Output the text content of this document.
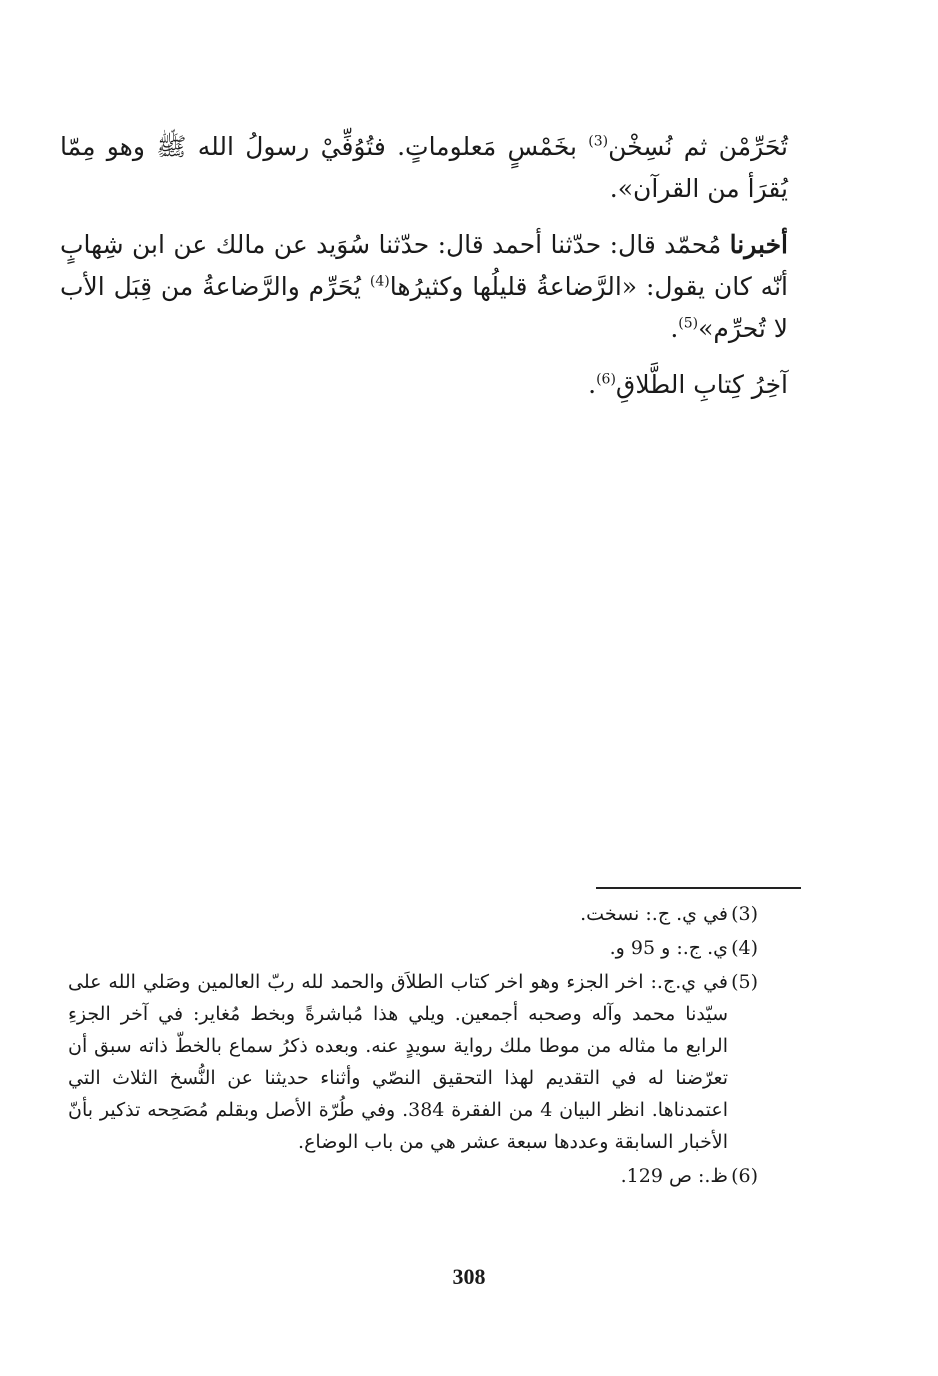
تُحَرِّمْن ثم نُسِخْن$^{(3)}$ بخَمْسٍ مَعلوماتٍ. فتُوُفِّيْ رسولُ الله ﷺ وهو مِمّا يُقرَأ من القرآن».

أخبرنا مُحمّد قال: حدّثنا أحمد قال: حدّثنا سُوَيد عن مالك عن ابن شِهابٍ أنّه كان يقول: «الرَّضاعةُ قليلُها وكثيرُها$^{(4)}$ يُحَرِّم والرَّضاعةُ من قِبَل الأب لا تُحرِّم»$^{(5)}$.

آخِرُ كِتابِ الطَّلاقِ$^{(6)}$.

(3)
في ي. ج.: نسخت.
(4)
ي. ج.: و 95 و.
(5)
في ي.ج.: اخر الجزء وهو اخر كتاب الطلاَق والحمد لله ربّ العالمين وصَلي الله على سيّدنا محمد وآله وصحبه أجمعين. ويلي هذا مُباشرةً وبخط مُغاير: في آخر الجزءِ الرابع ما مثاله من موطا ملك رواية سويدٍ عنه. وبعده ذكرُ سماع بالخطّ ذاته سبق أن تعرّضنا له في التقديم لهذا التحقيق النصّي وأثناء حديثنا عن النُّسخ الثلاث التي اعتمدناها. انظر البيان 4 من الفقرة 384. وفي طُرّة الأصل وبقلم مُصَحِحه تذكير بأنّ الأخبار السابقة وعددها سبعة عشر هي من باب الوضاع.
(6)
ظ.: ص 129.
308
